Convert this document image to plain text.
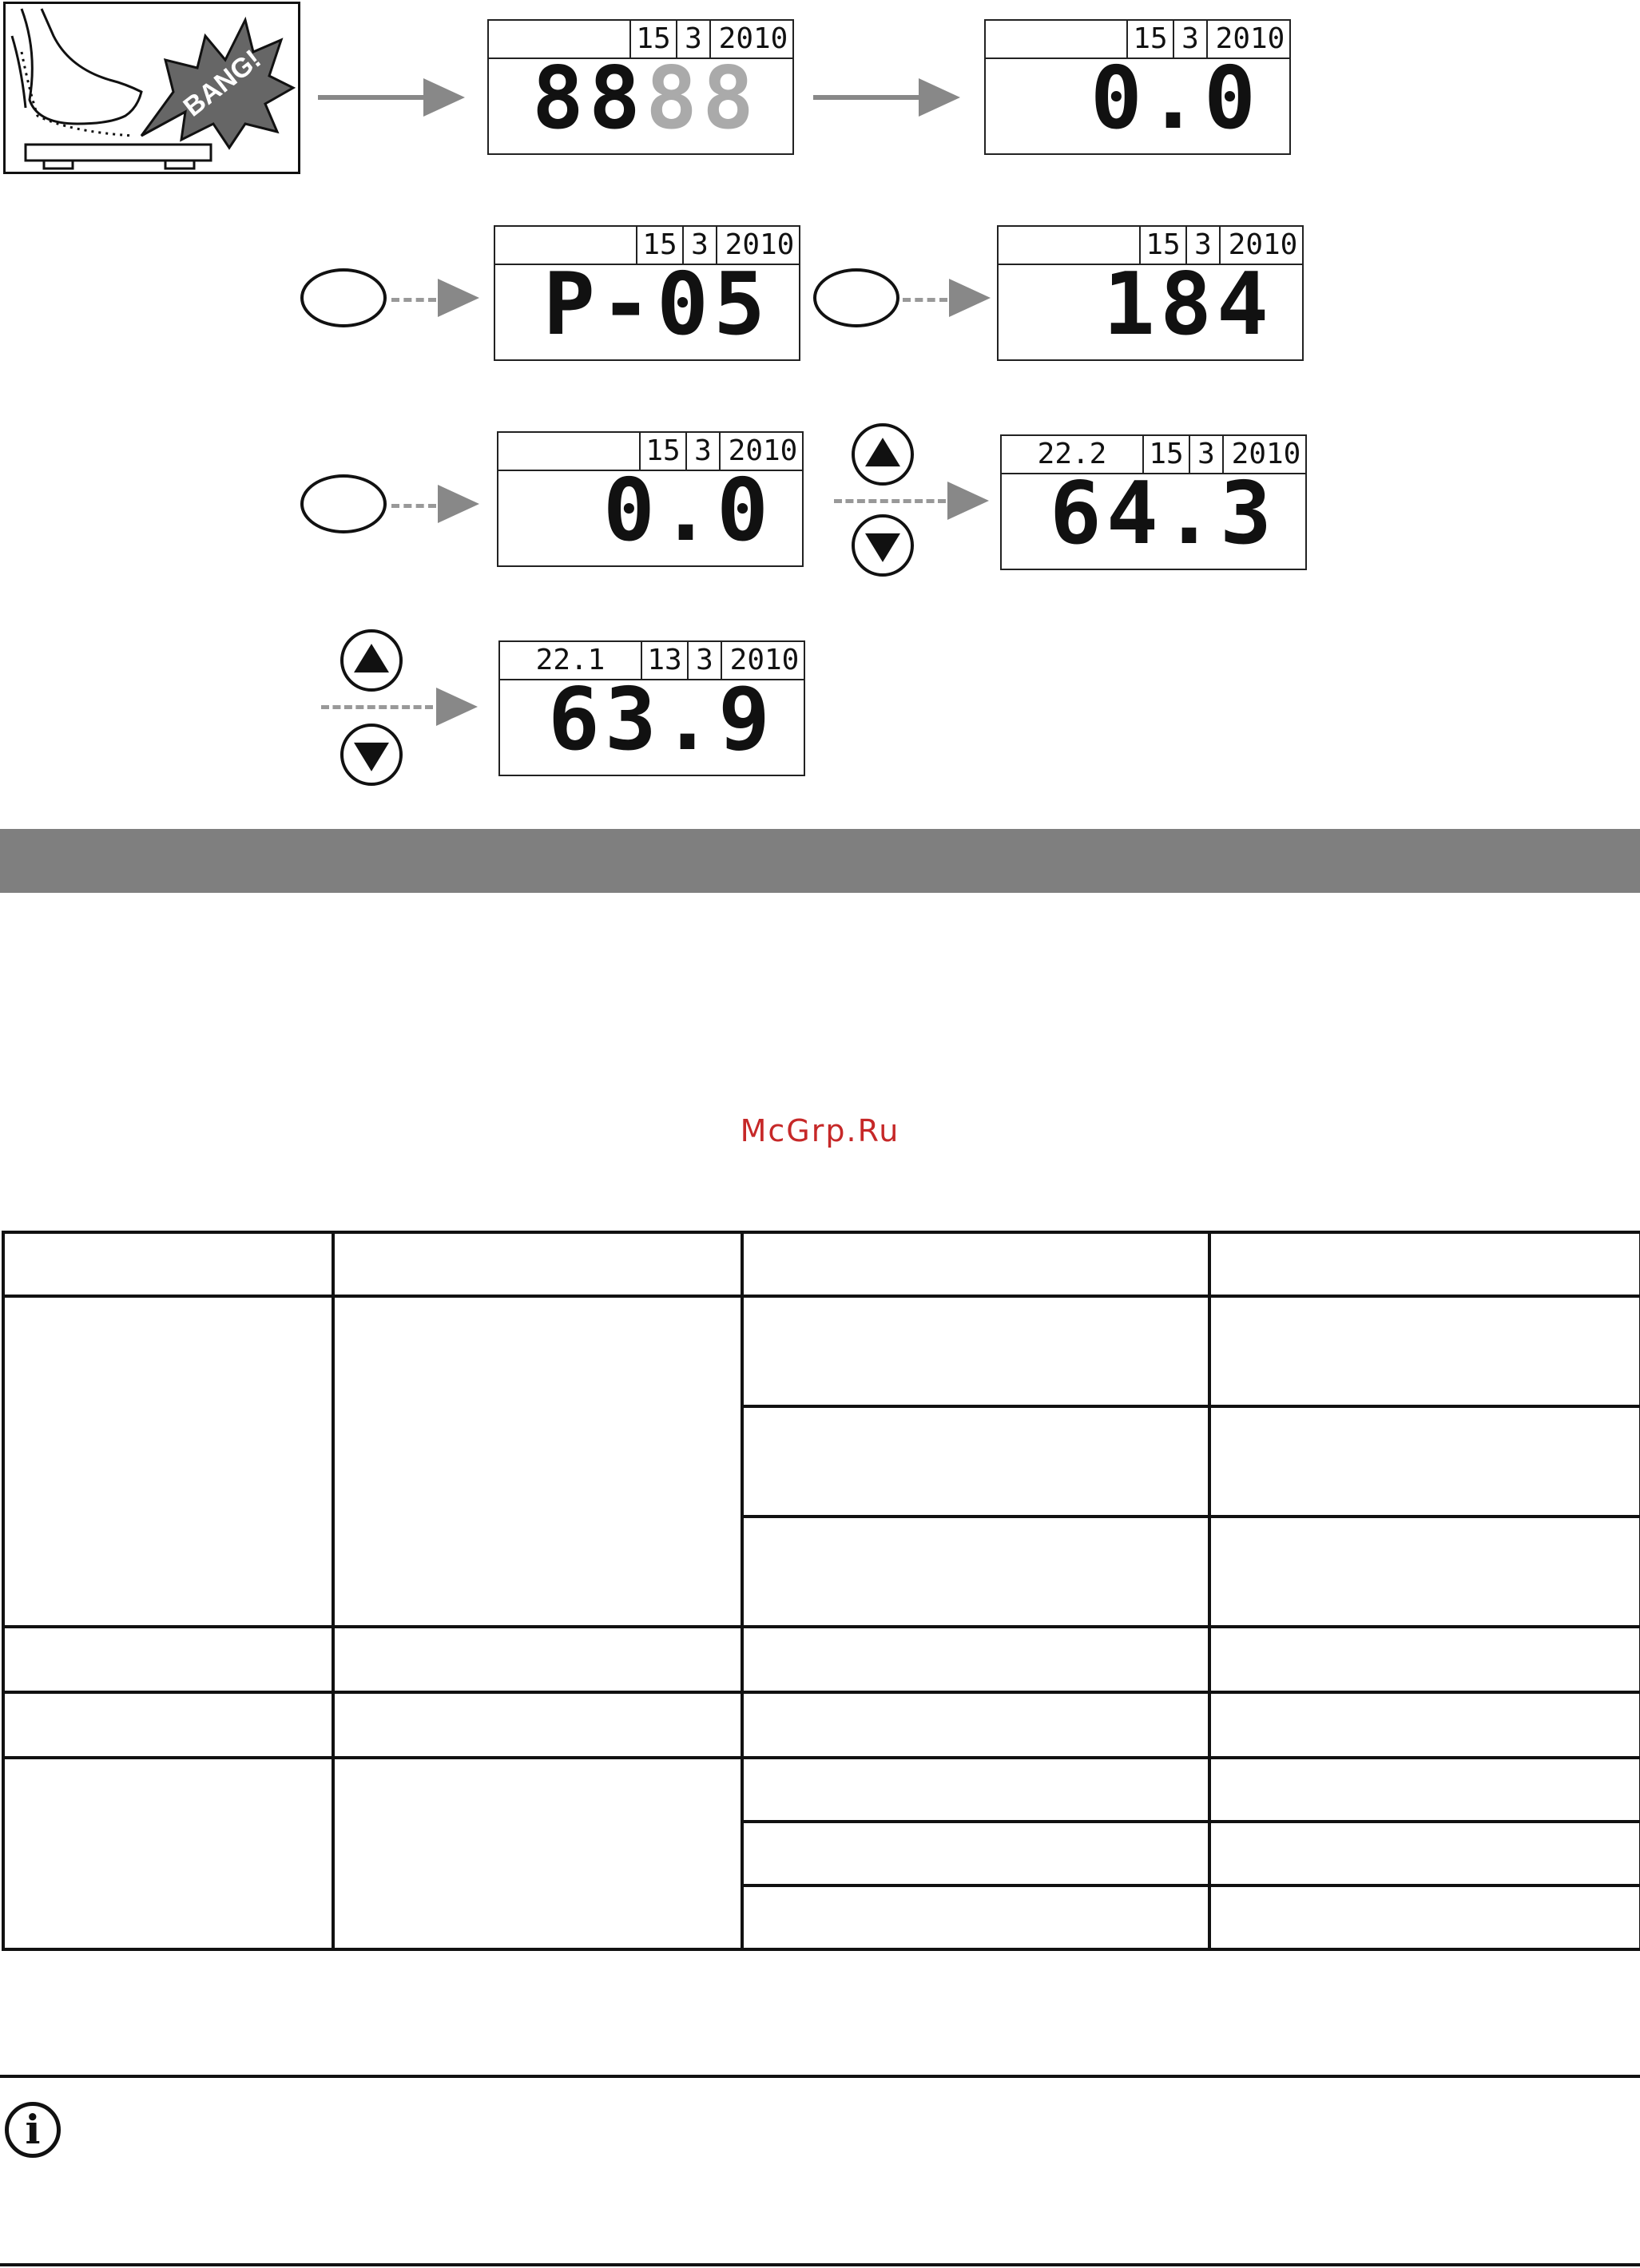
BANG!
15 3 2010
8888
15 3 2010
0.0
15 3 2010
P-05
15 3 2010
184
15 3 2010
0.0
22.2	15 3 2010
64.3
22.1	13 3 2010
63.9
McGrp.Ru

i
